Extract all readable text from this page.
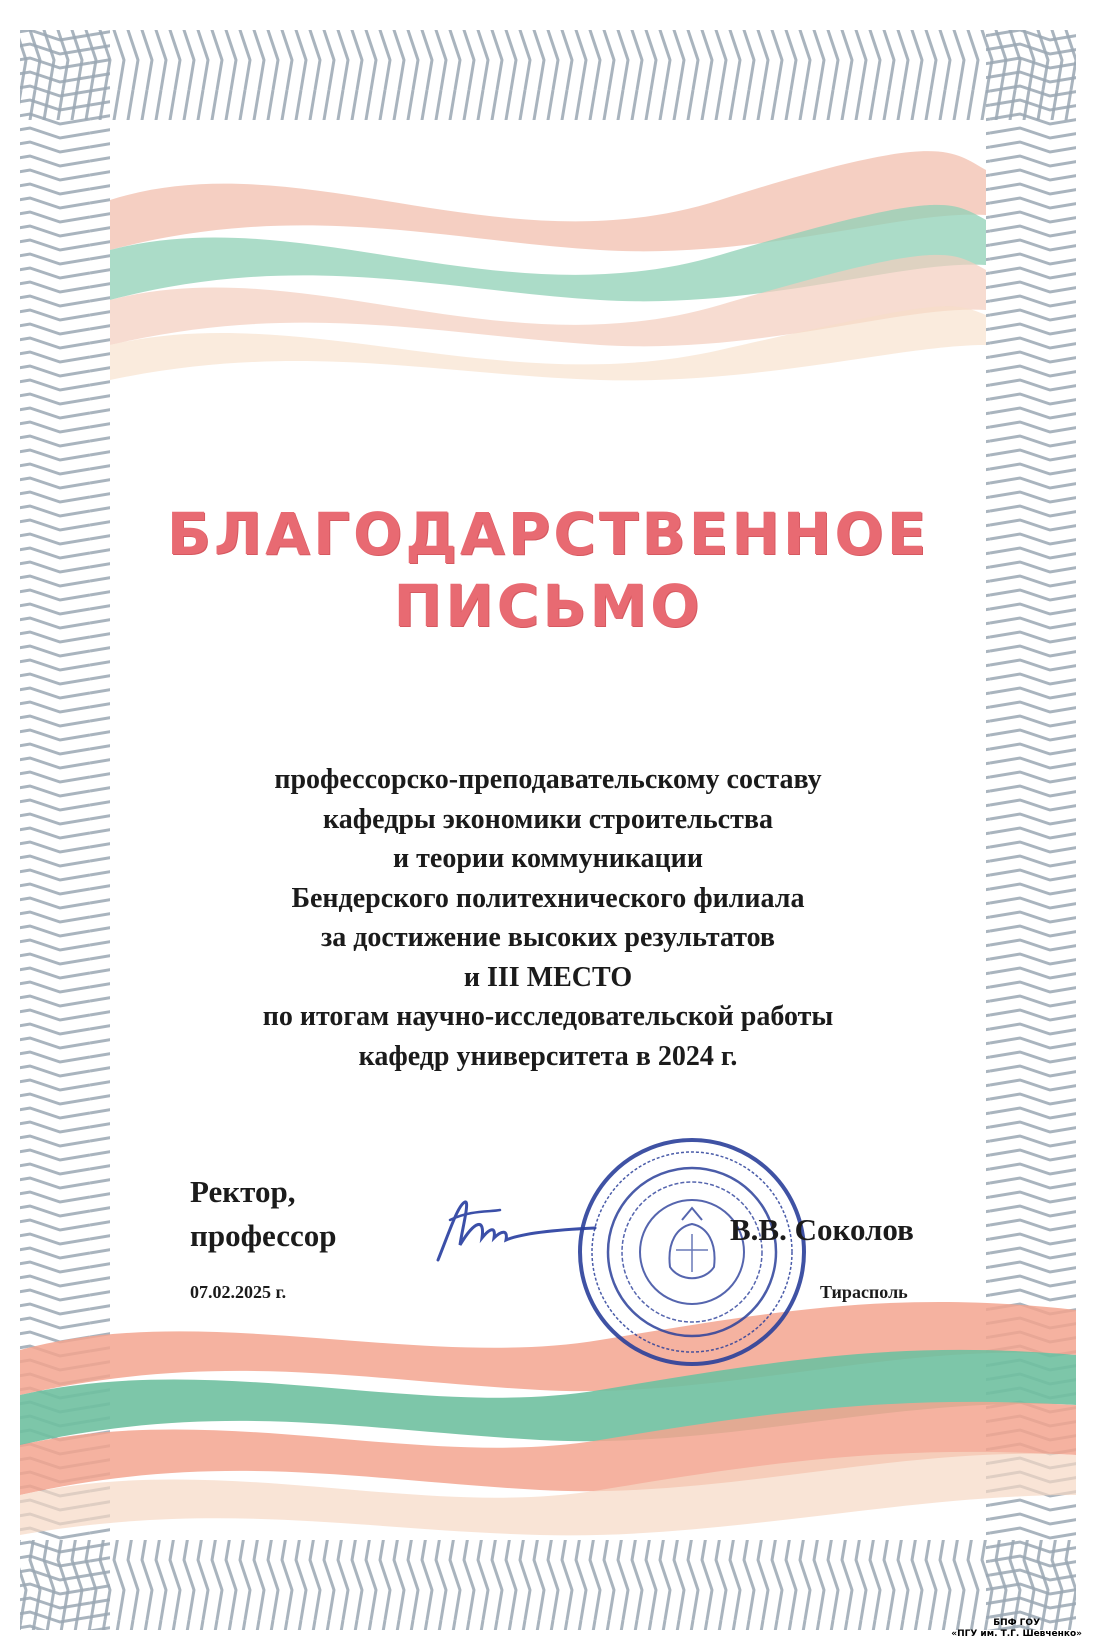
БЛАГОДАРСТВЕННОЕ
ПИСЬМО
профессорско-преподавательскому составу
кафедры экономики строительства
и теории коммуникации
Бендерского политехнического филиала
за достижение высоких результатов
и III МЕСТО
по итогам научно-исследовательской работы
кафедр университета в 2024 г.
Ректор,
профессор	В.В. Соколов
07.02.2025 г.	Тирасполь
БПФ ГОУ
«ПГУ им. Т.Г. Шевченко»
